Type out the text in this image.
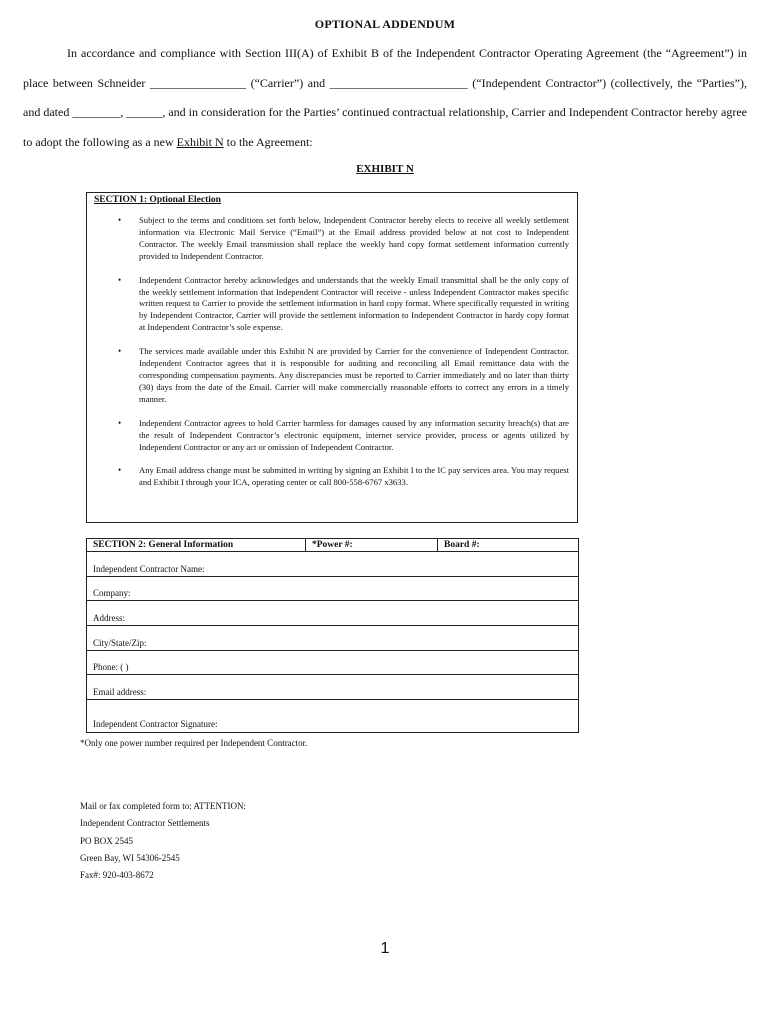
OPTIONAL ADDENDUM
In accordance and compliance with Section III(A) of Exhibit B of the Independent Contractor Operating Agreement (the “Agreement”) in place between Schneider ________________ (“Carrier”) and _______________________ (“Independent Contractor”) (collectively, the “Parties”), and dated ________, ______, and in consideration for the Parties’ continued contractual relationship, Carrier and Independent Contractor hereby agree to adopt the following as a new Exhibit N to the Agreement:
EXHIBIT N
SECTION 1: Optional Election
• Subject to the terms and conditions set forth below, Independent Contractor hereby elects to receive all weekly settlement information via Electronic Mail Service (“Email”) at the Email address provided below at not cost to Independent Contractor. The weekly Email transmission shall replace the weekly hard copy format settlement information currently provided to Independent Contractor.
• Independent Contractor hereby acknowledges and understands that the weekly Email transmittal shall be the only copy of the weekly settlement information that Independent Contractor will receive - unless Independent Contractor makes specific written request to Carrier to provide the settlement information in hard copy format. Where specifically requested in writing by Independent Contractor, Carrier will provide the settlement information to Independent Contractor in hardy copy format at Independent Contractor’s sole expense.
• The services made available under this Exhibit N are provided by Carrier for the convenience of Independent Contractor. Independent Contractor agrees that it is responsible for auditing and reconciling all Email remittance data with the corresponding compensation payments. Any discrepancies must be reported to Carrier immediately and no later than thirty (30) days from the date of the Email. Carrier will make commercially reasonable efforts to correct any errors in a timely manner.
• Independent Contractor agrees to hold Carrier harmless for damages caused by any information security breach(s) that are the result of Independent Contractor’s electronic equipment, internet service provider, process or agents utilized by Independent Contractor or any act or omission of Independent Contractor.
• Any Email address change must be submitted in writing by signing an Exhibit I to the IC pay services area. You may request and Exhibit I through your ICA, operating center or call 800-558-6767 x3633.
SECTION 2: General Information	*Power #:	Board #:
Independent Contractor Name:
Company:
Address:
City/State/Zip:
Phone: ( )
Email address:
Independent Contractor Signature:
*Only one power number required per Independent Contractor.
Mail or fax completed form to: ATTENTION:
Independent Contractor Settlements
PO BOX 2545
Green Bay, WI 54306-2545
Fax#: 920-403-8672
1
